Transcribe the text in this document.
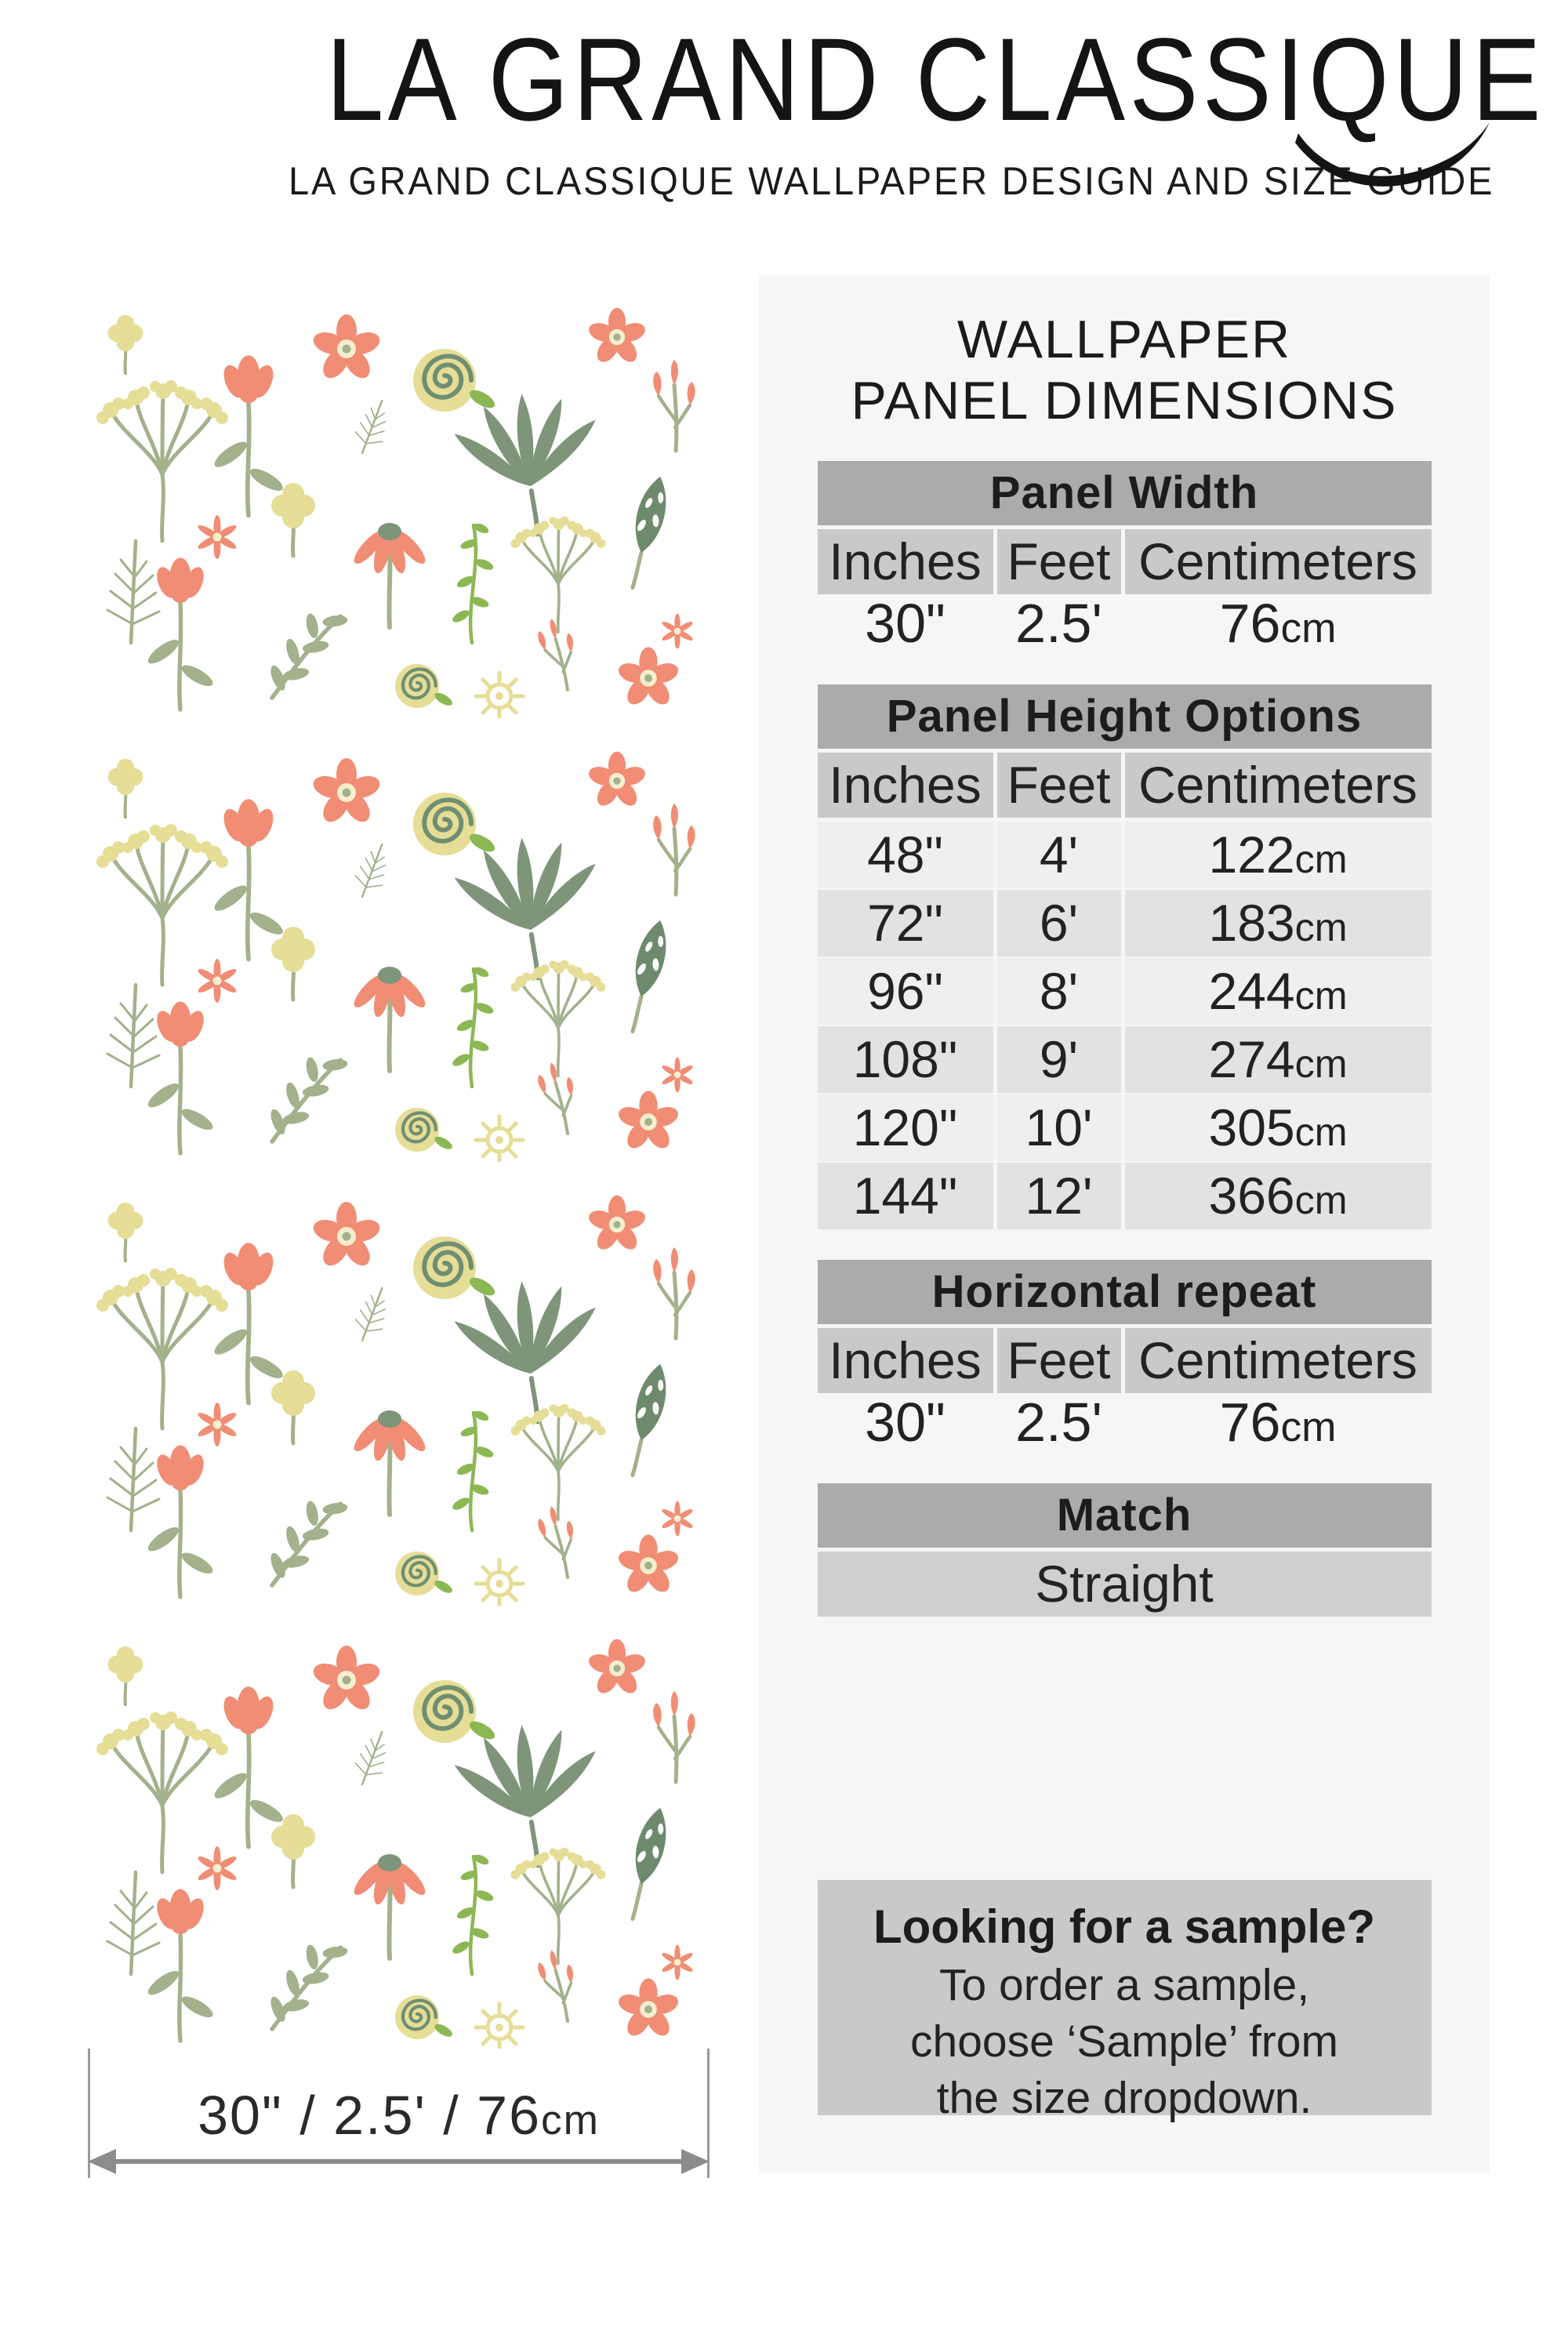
LA GRAND CLASSIQUE
LA GRAND CLASSIQUE WALLPAPER DESIGN AND SIZE GUIDE
30" / 2.5' / 76cm
WALLPAPER
PANEL DIMENSIONS
Panel Width
Inches Feet Centimeters
30"	2.5'	76cm
Panel Height Options
Inches Feet Centimeters
48"	4'	122cm
72"	6'	183cm
96"	8'	244cm
108"	9'	274cm
120"	10'	305cm
144"	12'	366cm
Horizontal repeat
Inches Feet Centimeters
30"	2.5'	76cm
Match
Straight
Looking for a sample?
To order a sample,
choose ‘Sample’ from
the size dropdown.
